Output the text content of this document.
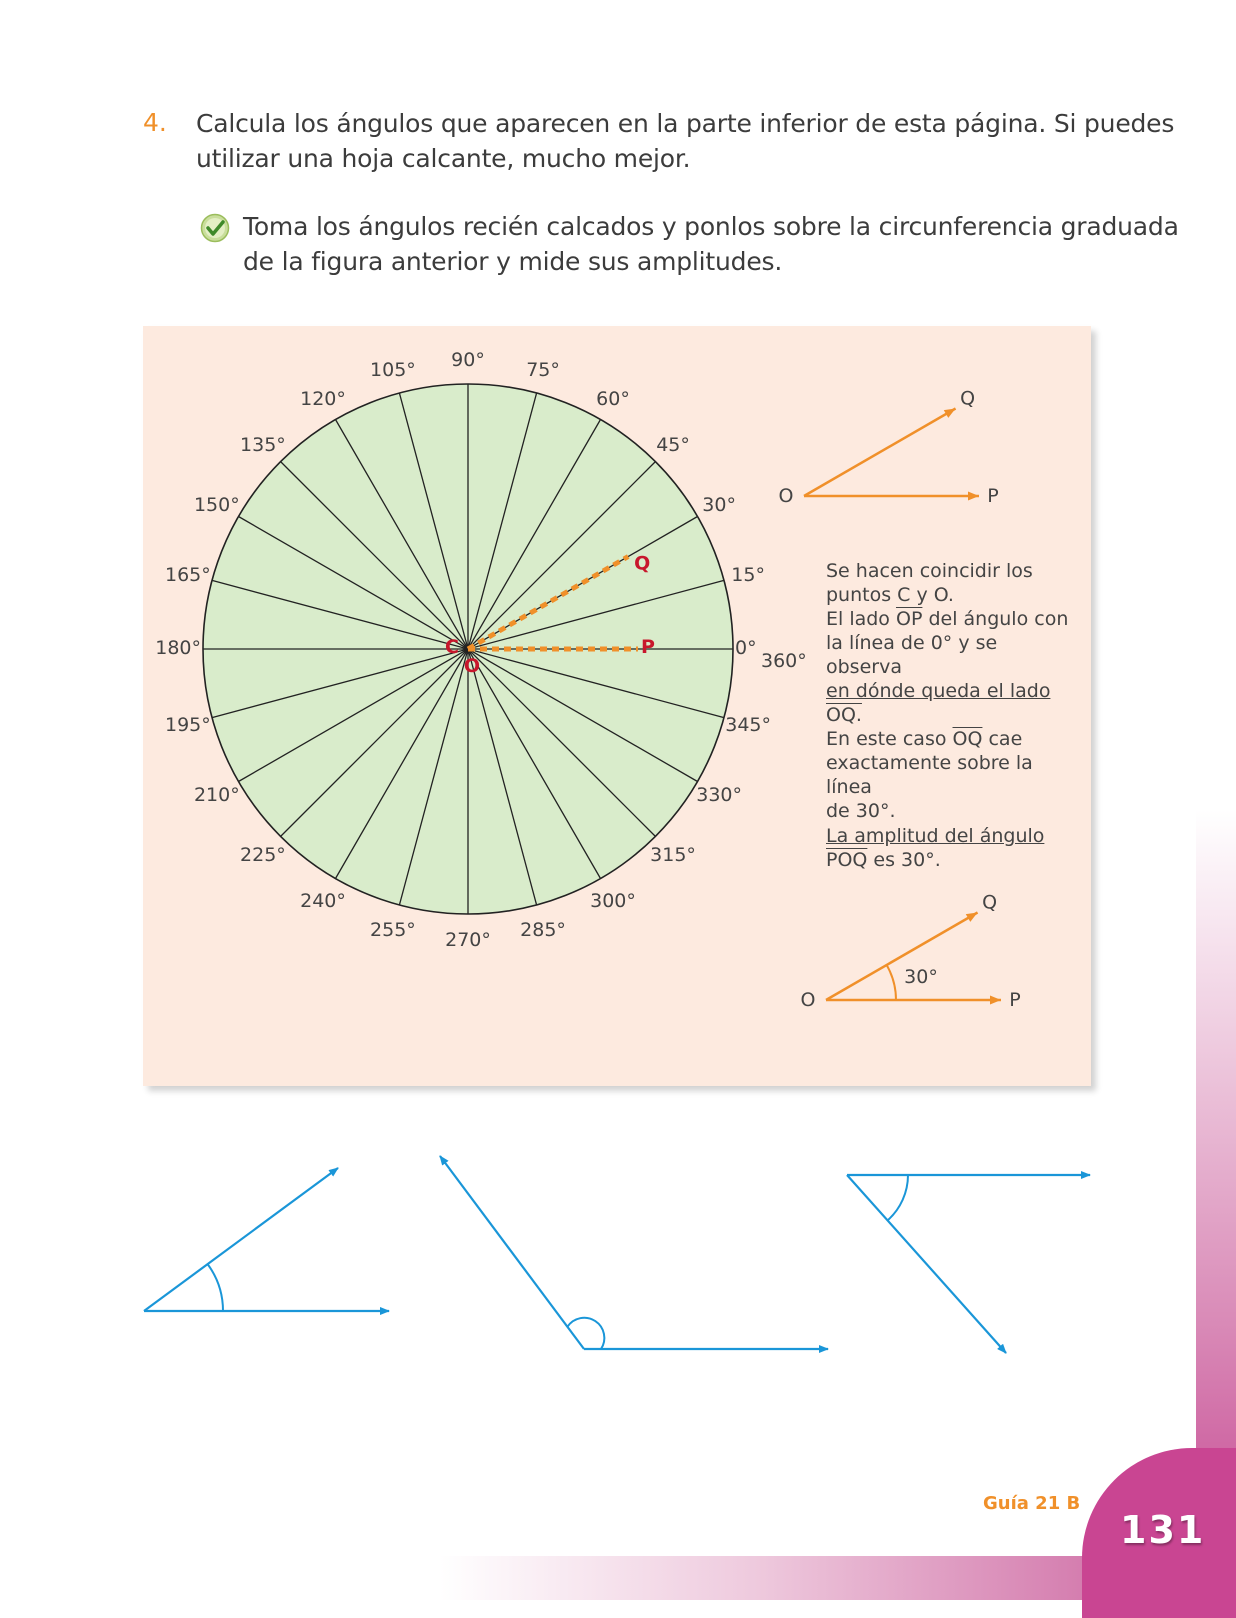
4. Calcula los ángulos que aparecen en la parte inferior de esta página. Si puedes
utilizar una hoja calcante, mucho mejor.
Toma los ángulos recién calcados y ponlos sobre la circunferencia graduada
de la figura anterior y mide sus amplitudes.
0°
15°
30°
45°
60°
75°
90°
105°
120°
135°
150°
165°
180°
195°
210°
225°
240°
255° 270° 285°
300°
315°
330°
345°
360°
C
O
Q
P
O	P
Q
O	P
Q
30°
Se hacen coincidir los
puntos C y O.
El lado $\overline{OP}$ del ángulo con
la línea de 0° y se observa
en dónde queda el lado
OQ.
En este caso $\overline{OQ}$ cae
exactamente sobre la línea
de 30°.
La amplitud del ángulo
$\overline{POQ}$ es 30°.
Guía 21 B
131
